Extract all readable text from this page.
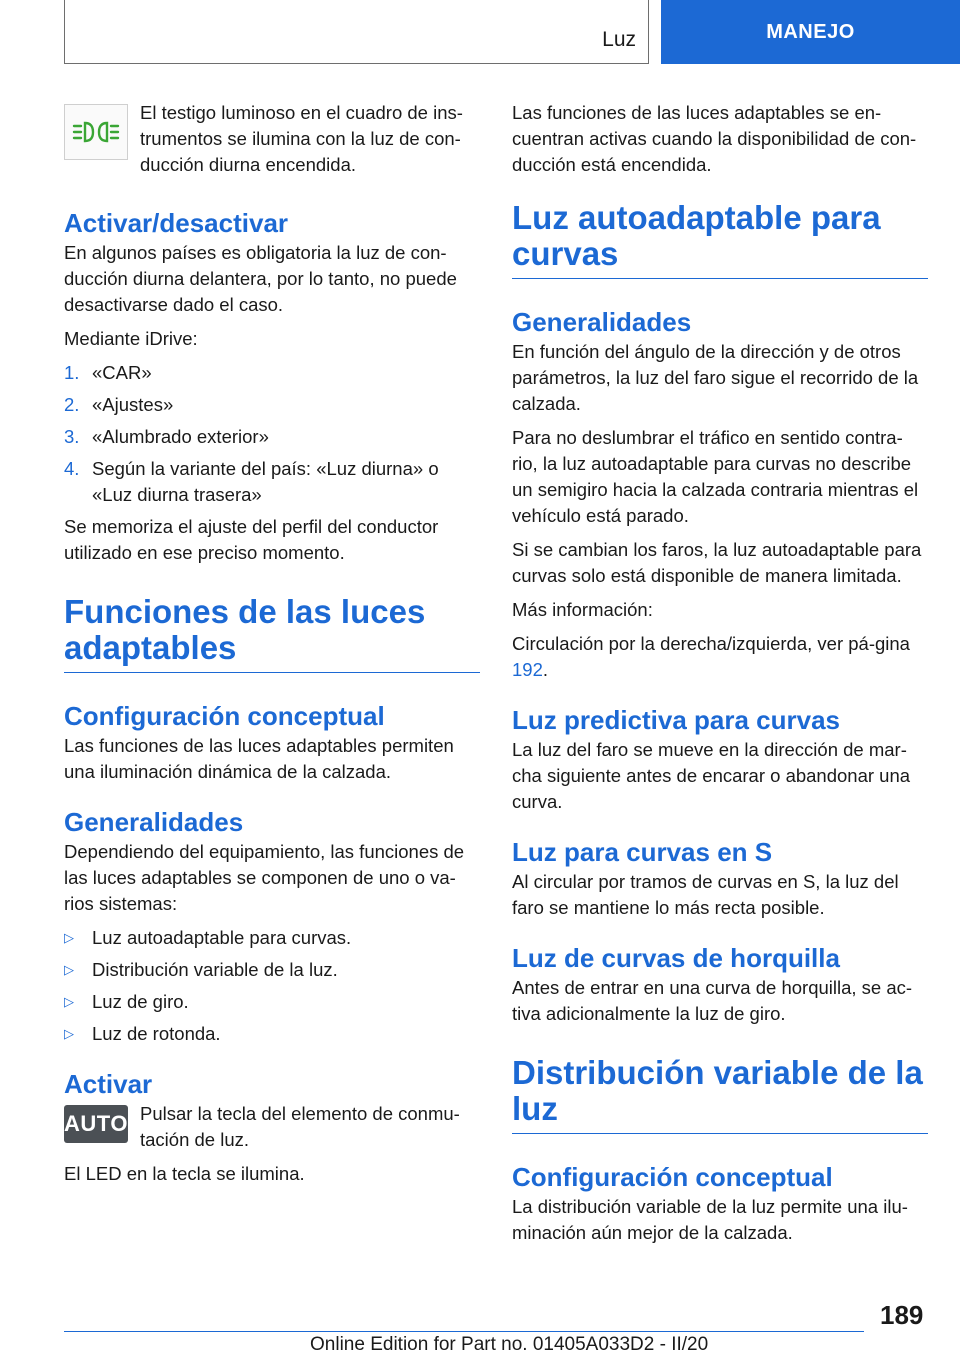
Luz	MANEJO

El testigo luminoso en el cuadro de ins‐trumentos se ilumina con la luz de con‐ducción diurna encendida.

Activar/desactivar

En algunos países es obligatoria la luz de con‐ducción diurna delantera, por lo tanto, no puede desactivarse dado el caso.

Mediante iDrive:

1. «CAR»
2. «Ajustes»
3. «Alumbrado exterior»
4. Según la variante del país: «Luz diurna» o «Luz diurna trasera»

Se memoriza el ajuste del perfil del conductor utilizado en ese preciso momento.

Funciones de las luces adaptables
Configuración conceptual

Las funciones de las luces adaptables permiten una iluminación dinámica de la calzada.

Generalidades

Dependiendo del equipamiento, las funciones de las luces adaptables se componen de uno o va‐rios sistemas:

▷ Luz autoadaptable para curvas.
▷ Distribución variable de la luz.
▷ Luz de giro.
▷ Luz de rotonda.
Activar
AUTO Pulsar la tecla del elemento de conmu‐tación de luz.

El LED en la tecla se ilumina.

Las funciones de las luces adaptables se en‐cuentran activas cuando la disponibilidad de con‐ducción está encendida.

Luz autoadaptable para curvas
Generalidades

En función del ángulo de la dirección y de otros parámetros, la luz del faro sigue el recorrido de la calzada.

Para no deslumbrar el tráfico en sentido contra‐rio, la luz autoadaptable para curvas no describe un semigiro hacia la calzada contraria mientras el vehículo está parado.

Si se cambian los faros, la luz autoadaptable para curvas solo está disponible de manera limitada.

Más información:

Circulación por la derecha/izquierda, ver pá‐gina 192.

Luz predictiva para curvas

La luz del faro se mueve en la dirección de mar‐cha siguiente antes de encarar o abandonar una curva.

Luz para curvas en S

Al circular por tramos de curvas en S, la luz del faro se mantiene lo más recta posible.

Luz de curvas de horquilla

Antes de entrar en una curva de horquilla, se ac‐tiva adicionalmente la luz de giro.

Distribución variable de la luz
Configuración conceptual

La distribución variable de la luz permite una ilu‐minación aún mejor de la calzada.

189
Online Edition for Part no. 01405A033D2 - II/20
